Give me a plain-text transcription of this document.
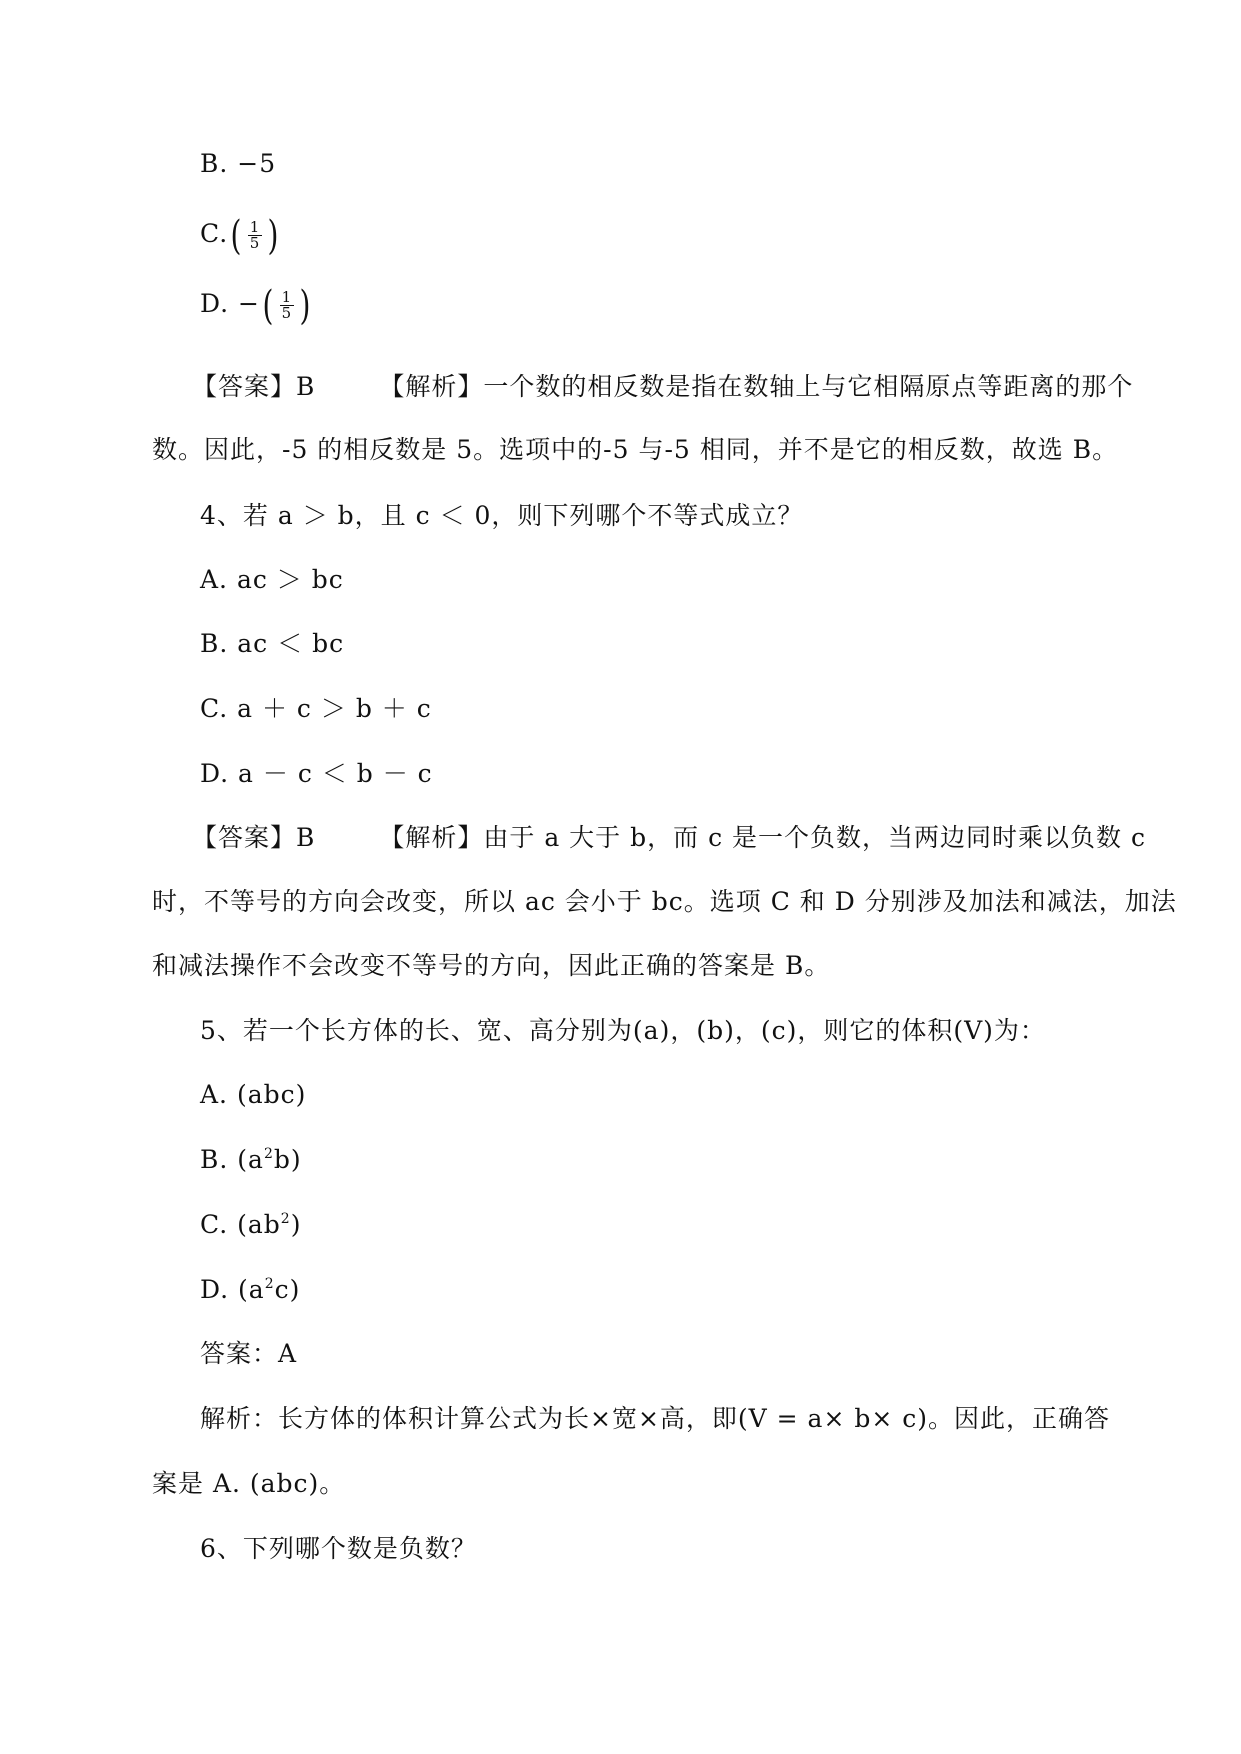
B. −5
$C.( \frac{1}{5}$ )
D. −( $\frac{1}{5}$ )
【答案】B	【解析】一个数的相反数是指在数轴上与它相隔原点等距离的那个
数。因此，-5 的相反数是 5。选项中的-5 与-5 相同，并不是它的相反数，故选 B。
4、若 a ＞ b，且 c ＜ 0，则下列哪个不等式成立？
A. ac ＞ bc
B. ac ＜ bc
C. a ＋ c ＞ b ＋ c
D. a － c ＜ b － c
【答案】B	【解析】由于 a 大于 b，而 c 是一个负数，当两边同时乘以负数 c
时，不等号的方向会改变，所以 ac 会小于 bc。选项 C 和 D 分别涉及加法和减法，加法
和减法操作不会改变不等号的方向，因此正确的答案是 B。
5、若一个长方体的长、宽、高分别为(a)，(b)，(c)，则它的体积(V)为：
A. (abc)
B. $(a^2b)$
C. $(ab^2)$
D. $(a^2c)$
答案：A
解析：长方体的体积计算公式为长×宽×高，即(V = a× b× c)。因此，正确答
案是 A. (abc)。
6、下列哪个数是负数？
